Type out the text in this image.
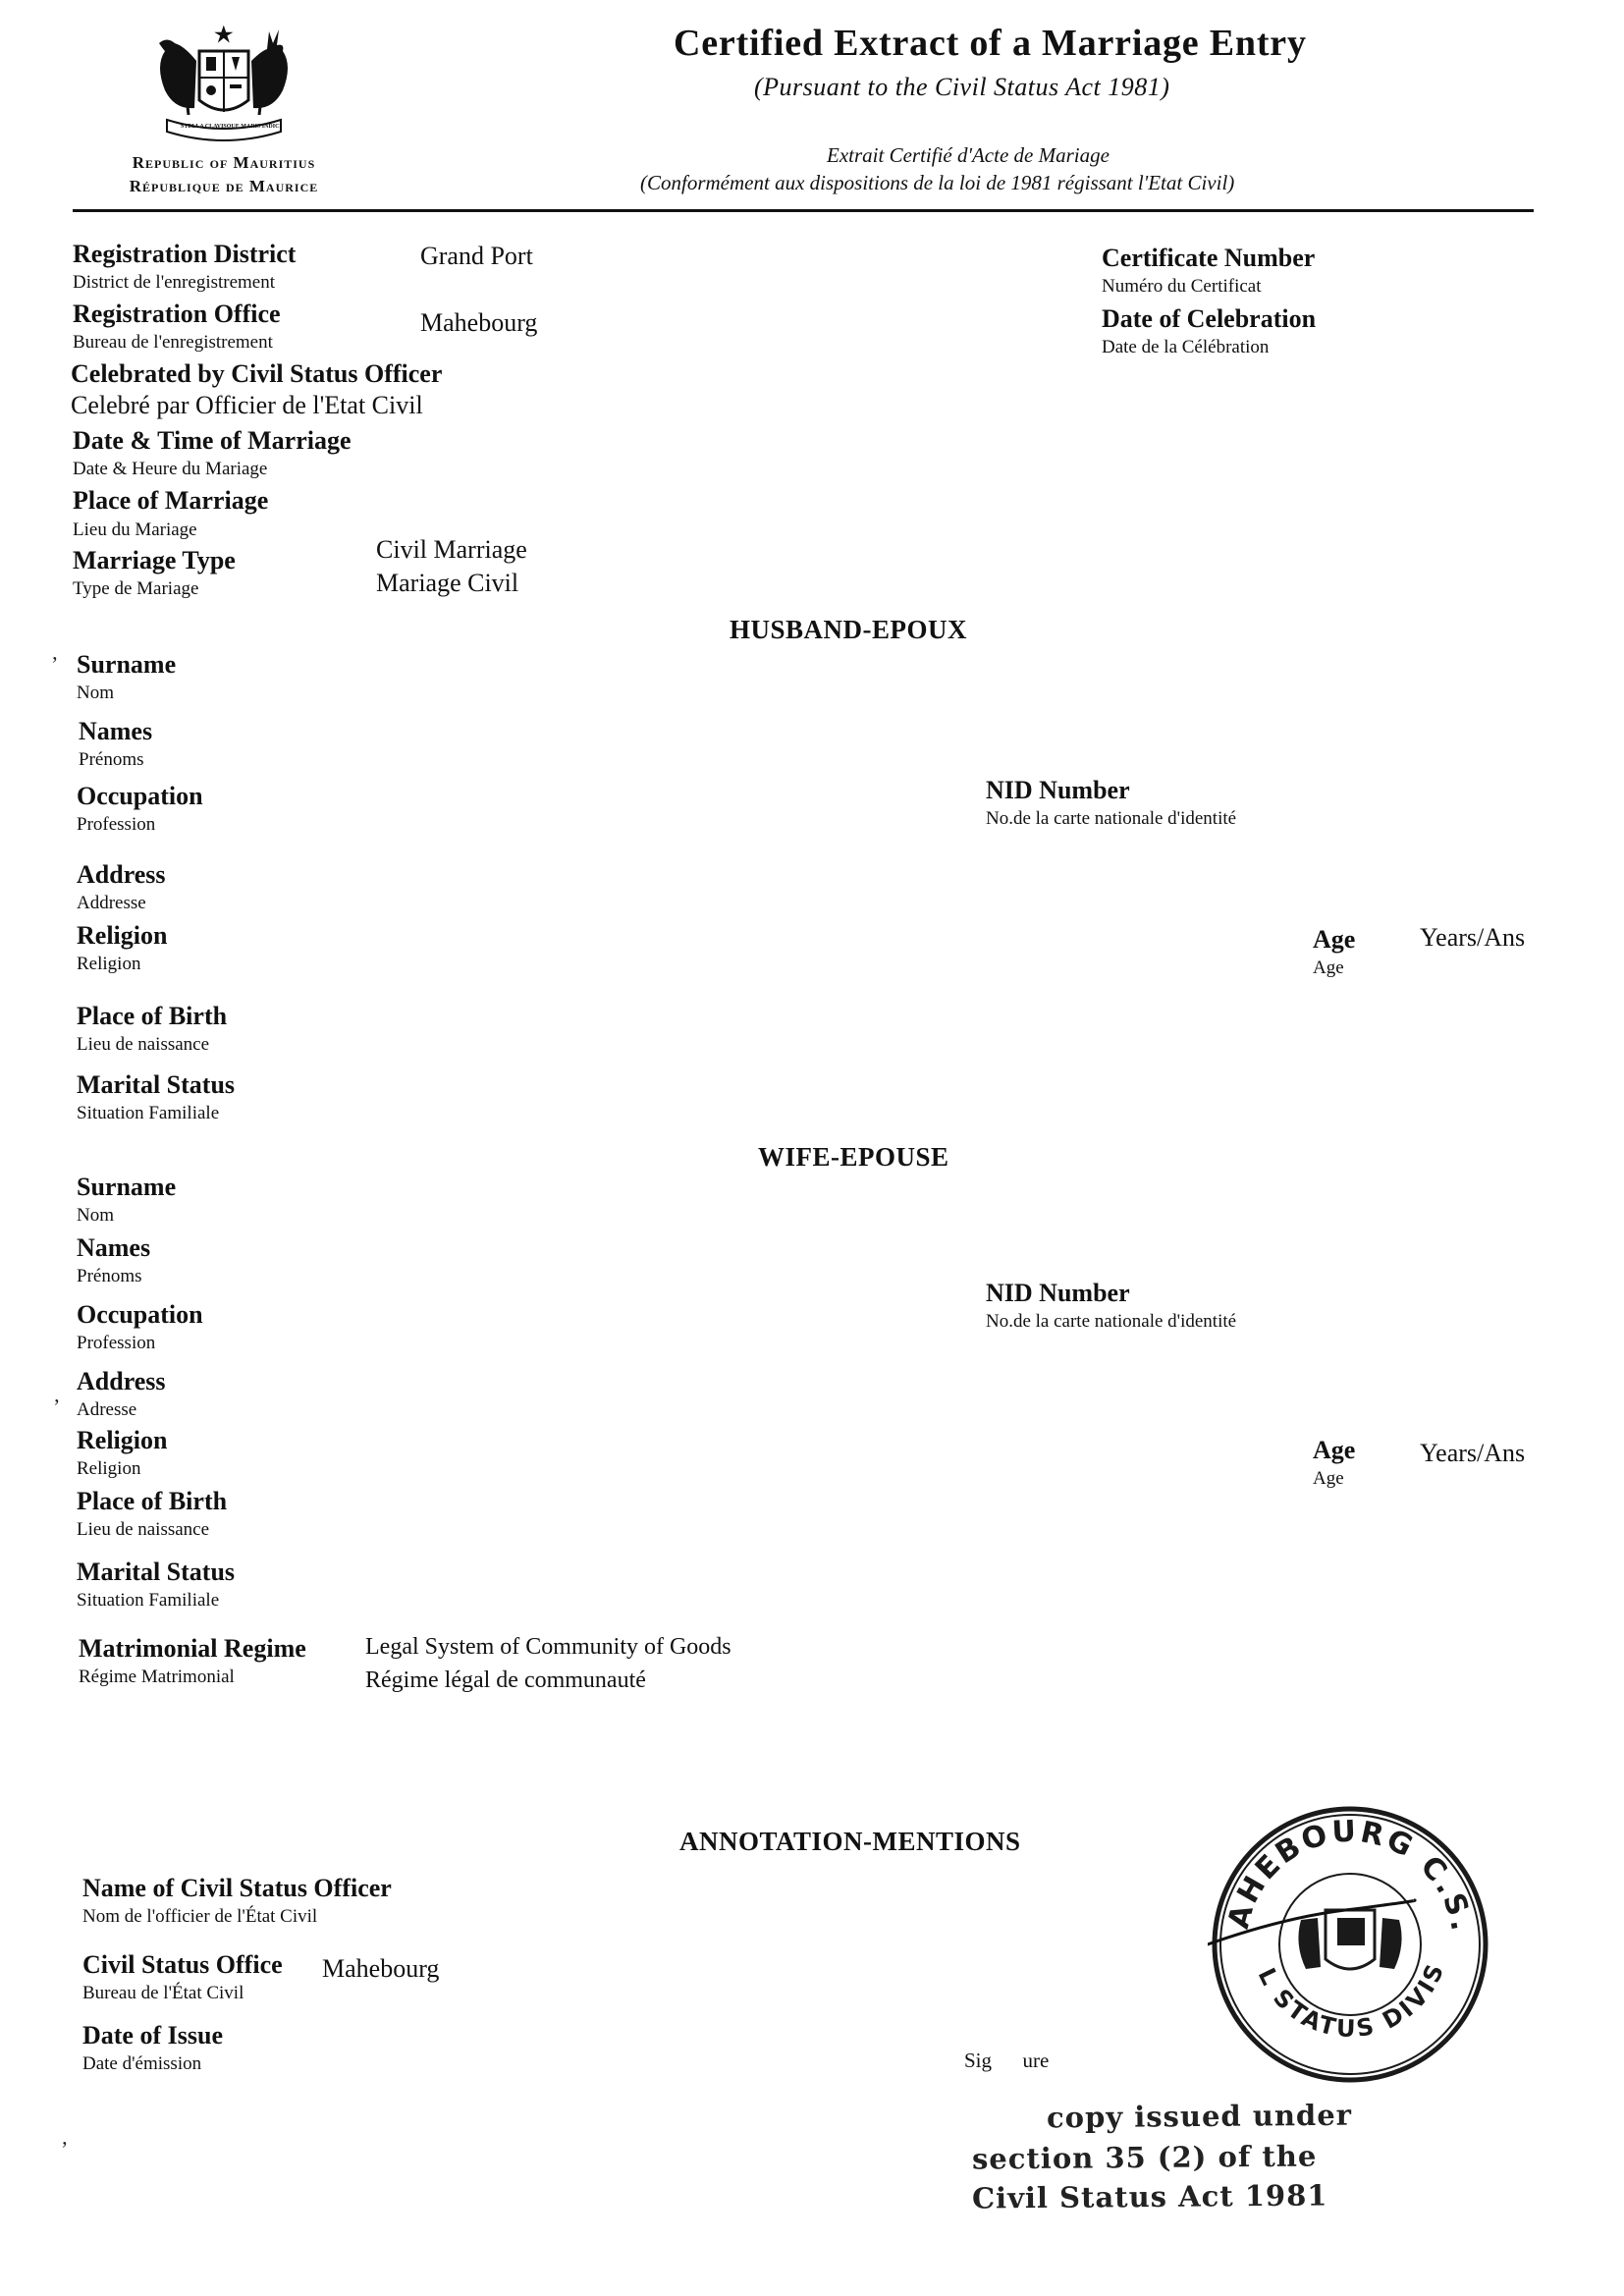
STELLA CLAVISQUE MARIS INDICI
Republic of Mauritius
République de Maurice
Certified Extract of a Marriage Entry
(Pursuant to the Civil Status Act 1981)
Extrait Certifié d'Acte de Mariage
(Conformément aux dispositions de la loi de 1981 régissant l'Etat Civil)
Registration District
District de l'enregistrement
Grand Port
Registration Office
Bureau de l'enregistrement
Mahebourg
Celebrated by Civil Status Officer
Celebré par Officier de l'Etat Civil
Date & Time of Marriage
Date & Heure du Mariage
Place of Marriage
Lieu du Mariage
Marriage Type
Type de Mariage
Civil Marriage
Mariage Civil
Certificate Number
Numéro du Certificat
Date of Celebration
Date de la Célébration
HUSBAND-EPOUX
ʼ Surname
Nom
Names
Prénoms
Occupation
Profession
Address
Addresse
Religion
Religion
Place of Birth
Lieu de naissance
Marital Status
Situation Familiale
NID Number
No.de la carte nationale d'identité
Age
Age
Years/Ans
WIFE-EPOUSE
Surname
Nom
Names
Prénoms
Occupation
Profession
Address
ʼ Adresse
Religion
Religion
Place of Birth
Lieu de naissance
Marital Status
Situation Familiale
NID Number
No.de la carte nationale d'identité
Age
Age
Years/Ans
Matrimonial Regime
Régime Matrimonial
Legal System of Community of Goods
Régime légal de communauté
ANNOTATION-MENTIONS
Name of Civil Status Officer
Nom de l'officier de l'État Civil
Civil Status Office
Bureau de l'État Civil
Mahebourg
Date of Issue
Date d'émission	Sig      ure
AHEBOURG C.S.
L STATUS DIVIS
copy issued under
section 35 (2) of the
Civil Status Act 1981
ʼ
